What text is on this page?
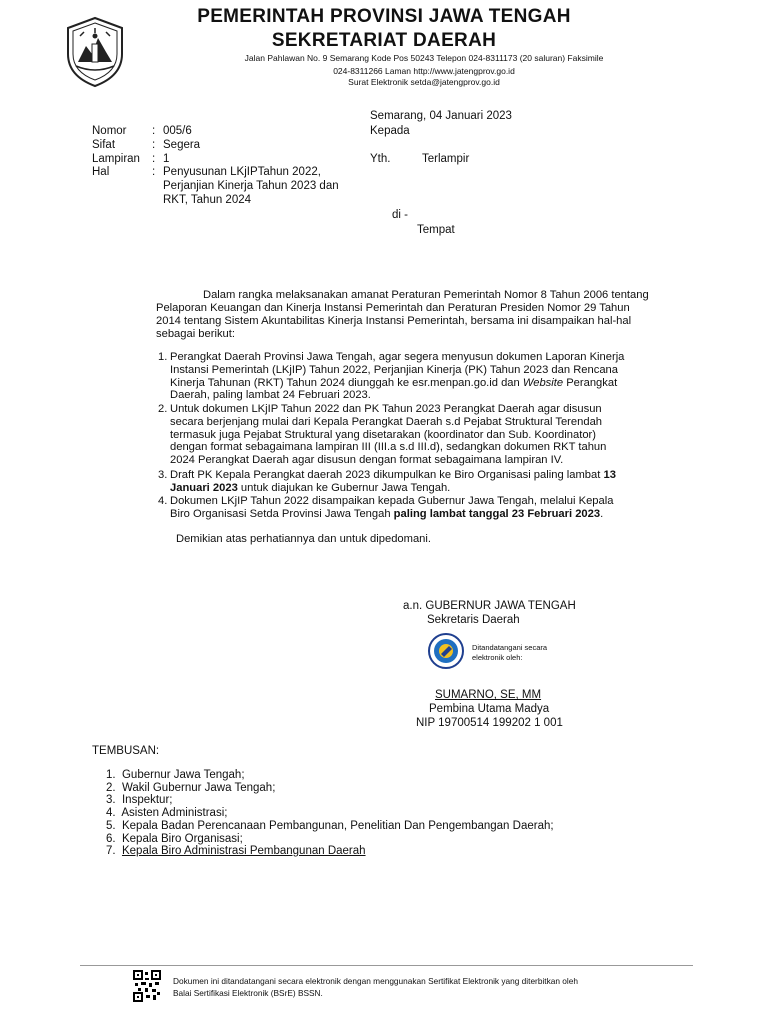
PEMERINTAH PROVINSI JAWA TENGAH
SEKRETARIAT DAERAH
Jalan Pahlawan No. 9 Semarang Kode Pos 50243 Telepon 024-8311173 (20 saluran) Faksimile
024-8311266 Laman http://www.jatengprov.go.id
Surat Elektronik setda@jatengprov.go.id
Semarang, 04 Januari 2023
Kepada
Yth.	Terlampir
di -
Tempat
Nomor : 005/6
Sifat	: Segera
Lampiran : 1
Hal	: Penyusunan LKjIPTahun 2022,
Perjanjian Kinerja Tahun 2023 dan
RKT, Tahun 2024
Dalam rangka melaksanakan amanat Peraturan Pemerintah Nomor 8 Tahun 2006 tentang
Pelaporan Keuangan dan Kinerja Instansi Pemerintah dan Peraturan Presiden Nomor 29 Tahun
2014 tentang Sistem Akuntabilitas Kinerja Instansi Pemerintah, bersama ini disampaikan hal-hal
sebagai berikut:
1. Perangkat Daerah Provinsi Jawa Tengah, agar segera menyusun dokumen Laporan Kinerja
Instansi Pemerintah (LKjIP) Tahun 2022, Perjanjian Kinerja (PK) Tahun 2023 dan Rencana
Kinerja Tahunan (RKT) Tahun 2024 diunggah ke esr.menpan.go.id dan Website Perangkat
Daerah, paling lambat 24 Februari 2023.
2. Untuk dokumen LKjIP Tahun 2022 dan PK Tahun 2023 Perangkat Daerah agar disusun
secara berjenjang mulai dari Kepala Perangkat Daerah s.d Pejabat Struktural Terendah
termasuk juga Pejabat Struktural yang disetarakan (koordinator dan Sub. Koordinator)
dengan format sebagaimana lampiran III (III.a s.d III.d), sedangkan dokumen RKT tahun
2024 Perangkat Daerah agar disusun dengan format sebagaimana lampiran IV.
3. Draft PK Kepala Perangkat daerah 2023 dikumpulkan ke Biro Organisasi paling lambat 13
Januari 2023 untuk diajukan ke Gubernur Jawa Tengah.
4. Dokumen LKjIP Tahun 2022 disampaikan kepada Gubernur Jawa Tengah, melalui Kepala
Biro Organisasi Setda Provinsi Jawa Tengah paling lambat tanggal 23 Februari 2023.
Demikian atas perhatiannya dan untuk dipedomani.
a.n. GUBERNUR JAWA TENGAH
Sekretaris Daerah
Ditandatangani secara
elektronik oleh:
SUMARNO, SE, MM
Pembina Utama Madya
NIP 19700514 199202 1 001
TEMBUSAN:
1. Gubernur Jawa Tengah;
2. Wakil Gubernur Jawa Tengah;
3. Inspektur;
4. Asisten Administrasi;
5. Kepala Badan Perencanaan Pembangunan, Penelitian Dan Pengembangan Daerah;
6. Kepala Biro Organisasi;
7. Kepala Biro Administrasi Pembangunan Daerah
Dokumen ini ditandatangani secara elektronik dengan menggunakan Sertifikat Elektronik yang diterbitkan oleh
Balai Sertifikasi Elektronik (BSrE) BSSN.
